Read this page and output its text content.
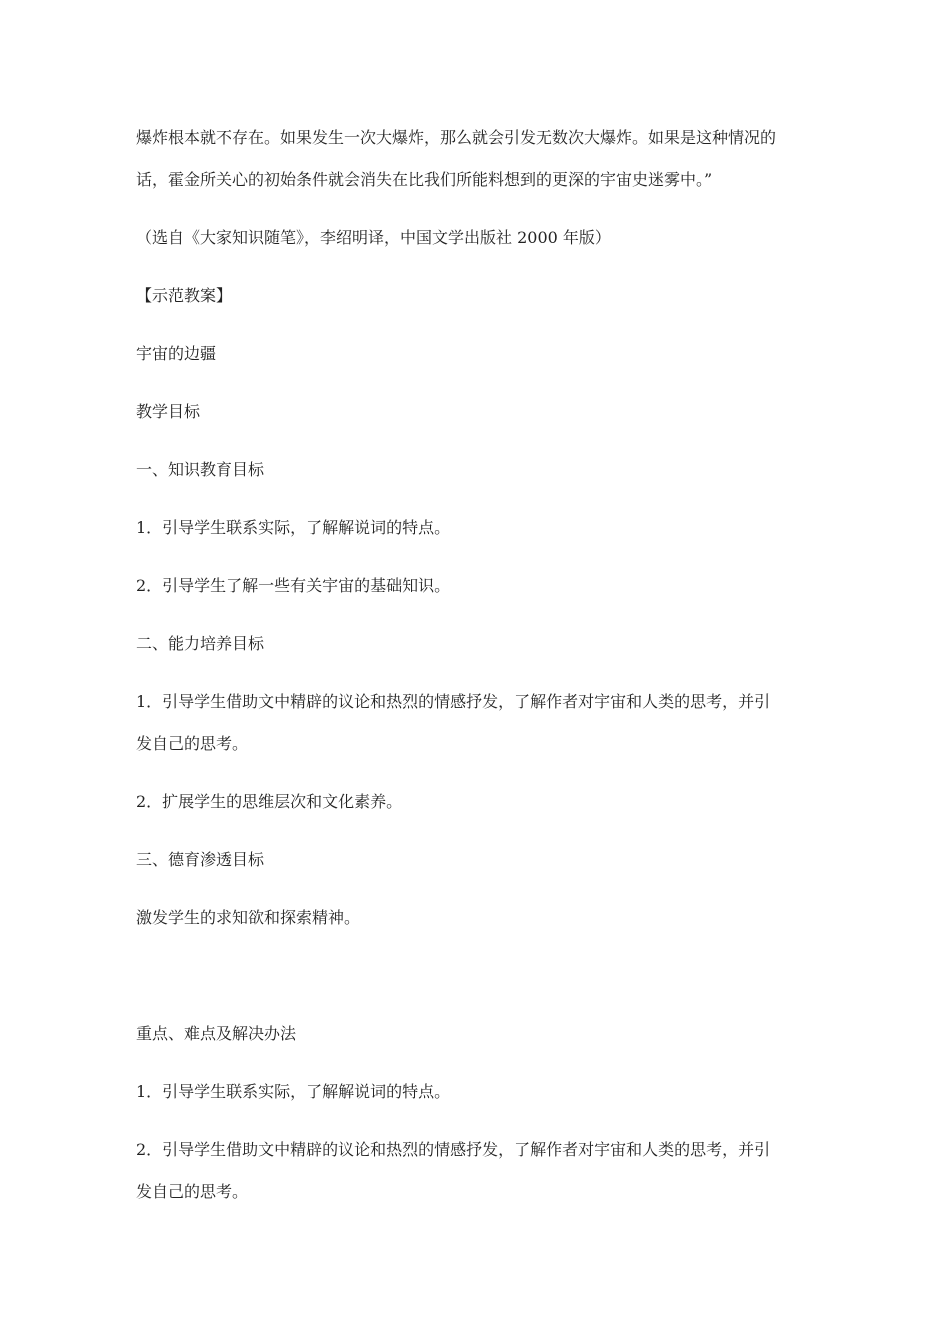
爆炸根本就不存在。如果发生一次大爆炸，那么就会引发无数次大爆炸。如果是这种情况的
话，霍金所关心的初始条件就会消失在比我们所能料想到的更深的宇宙史迷雾中。”
（选自《大家知识随笔》，李绍明译，中国文学出版社 2000 年版）
【示范教案】
宇宙的边疆
教学目标
一、知识教育目标
1．引导学生联系实际，了解解说词的特点。
2．引导学生了解一些有关宇宙的基础知识。
二、能力培养目标
1．引导学生借助文中精辟的议论和热烈的情感抒发，了解作者对宇宙和人类的思考，并引
发自己的思考。
2．扩展学生的思维层次和文化素养。
三、德育渗透目标
激发学生的求知欲和探索精神。
重点、难点及解决办法
1．引导学生联系实际，了解解说词的特点。
2．引导学生借助文中精辟的议论和热烈的情感抒发，了解作者对宇宙和人类的思考，并引
发自己的思考。
